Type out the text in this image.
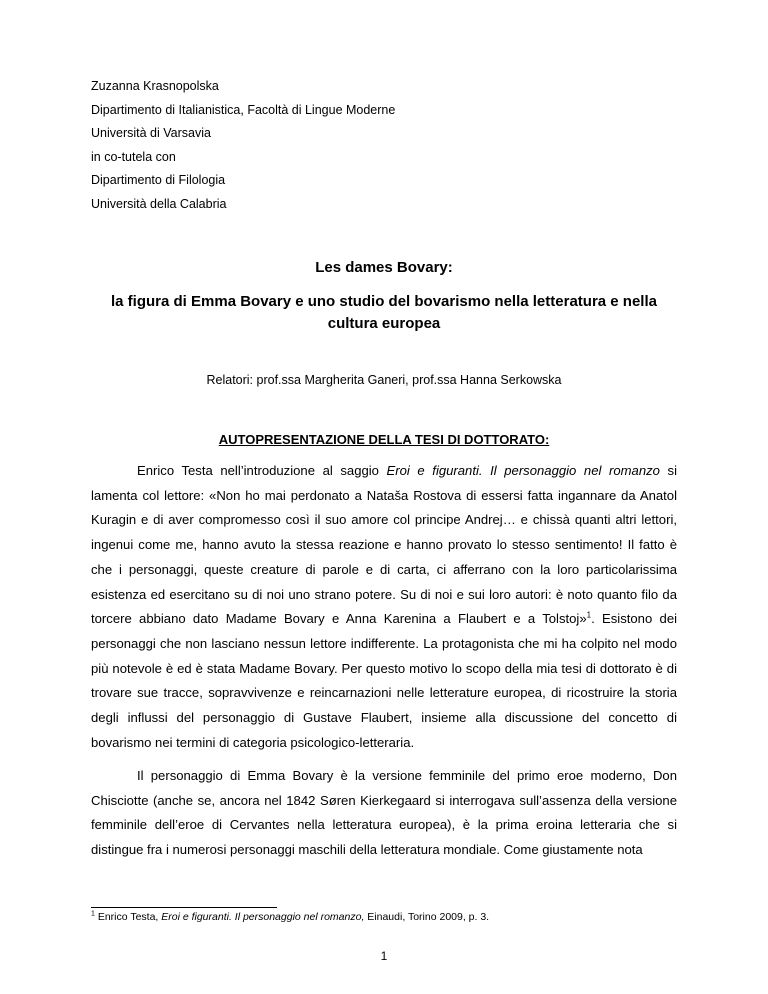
Zuzanna Krasnopolska
Dipartimento di Italianistica, Facoltà di Lingue Moderne
Università di Varsavia
in co-tutela con
Dipartimento di Filologia
Università della Calabria
Les dames Bovary:
la figura di Emma Bovary e uno studio del bovarismo nella letteratura e nella cultura europea
Relatori: prof.ssa Margherita Ganeri, prof.ssa Hanna Serkowska
AUTOPRESENTAZIONE DELLA TESI DI DOTTORATO:
Enrico Testa nell’introduzione al saggio Eroi e figuranti. Il personaggio nel romanzo si lamenta col lettore: «Non ho mai perdonato a Nataša Rostova di essersi fatta ingannare da Anatol Kuragin e di aver compromesso così il suo amore col principe Andrej… e chissà quanti altri lettori, ingenui come me, hanno avuto la stessa reazione e hanno provato lo stesso sentimento! Il fatto è che i personaggi, queste creature di parole e di carta, ci afferrano con la loro particolarissima esistenza ed esercitano su di noi uno strano potere. Su di noi e sui loro autori: è noto quanto filo da torcere abbiano dato Madame Bovary e Anna Karenina a Flaubert e a Tolstoj»$^1$. Esistono dei personaggi che non lasciano nessun lettore indifferente. La protagonista che mi ha colpito nel modo più notevole è ed è stata Madame Bovary. Per questo motivo lo scopo della mia tesi di dottorato è di trovare sue tracce, sopravvivenze e reincarnazioni nelle letterature europea, di ricostruire la storia degli influssi del personaggio di Gustave Flaubert, insieme alla discussione del concetto di bovarismo nei termini di categoria psicologico-letteraria.
Il personaggio di Emma Bovary è la versione femminile del primo eroe moderno, Don Chisciotte (anche se, ancora nel 1842 Søren Kierkegaard si interrogava sull’assenza della versione femminile dell’eroe di Cervantes nella letteratura europea), è la prima eroina letteraria che si distingue fra i numerosi personaggi maschili della letteratura mondiale. Come giustamente nota
$^1$ Enrico Testa, Eroi e figuranti. Il personaggio nel romanzo, Einaudi, Torino 2009, p. 3.
1
